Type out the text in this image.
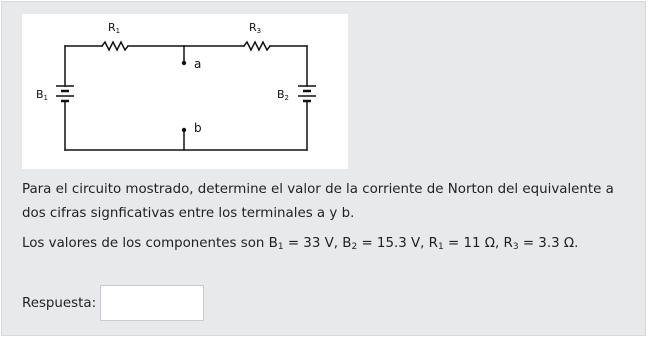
R1	R3
B1	B2
a
b

Para el circuito mostrado, determine el valor de la corriente de Norton del equivalente a

dos cifras signficativas entre los terminales a y b.

Los valores de los componentes son $B_1 = 33$ V, $B_2 = 15.3$ V, $R_1 = 11$ Ω, $R_3 = 3.3$ Ω.

Respuesta:
